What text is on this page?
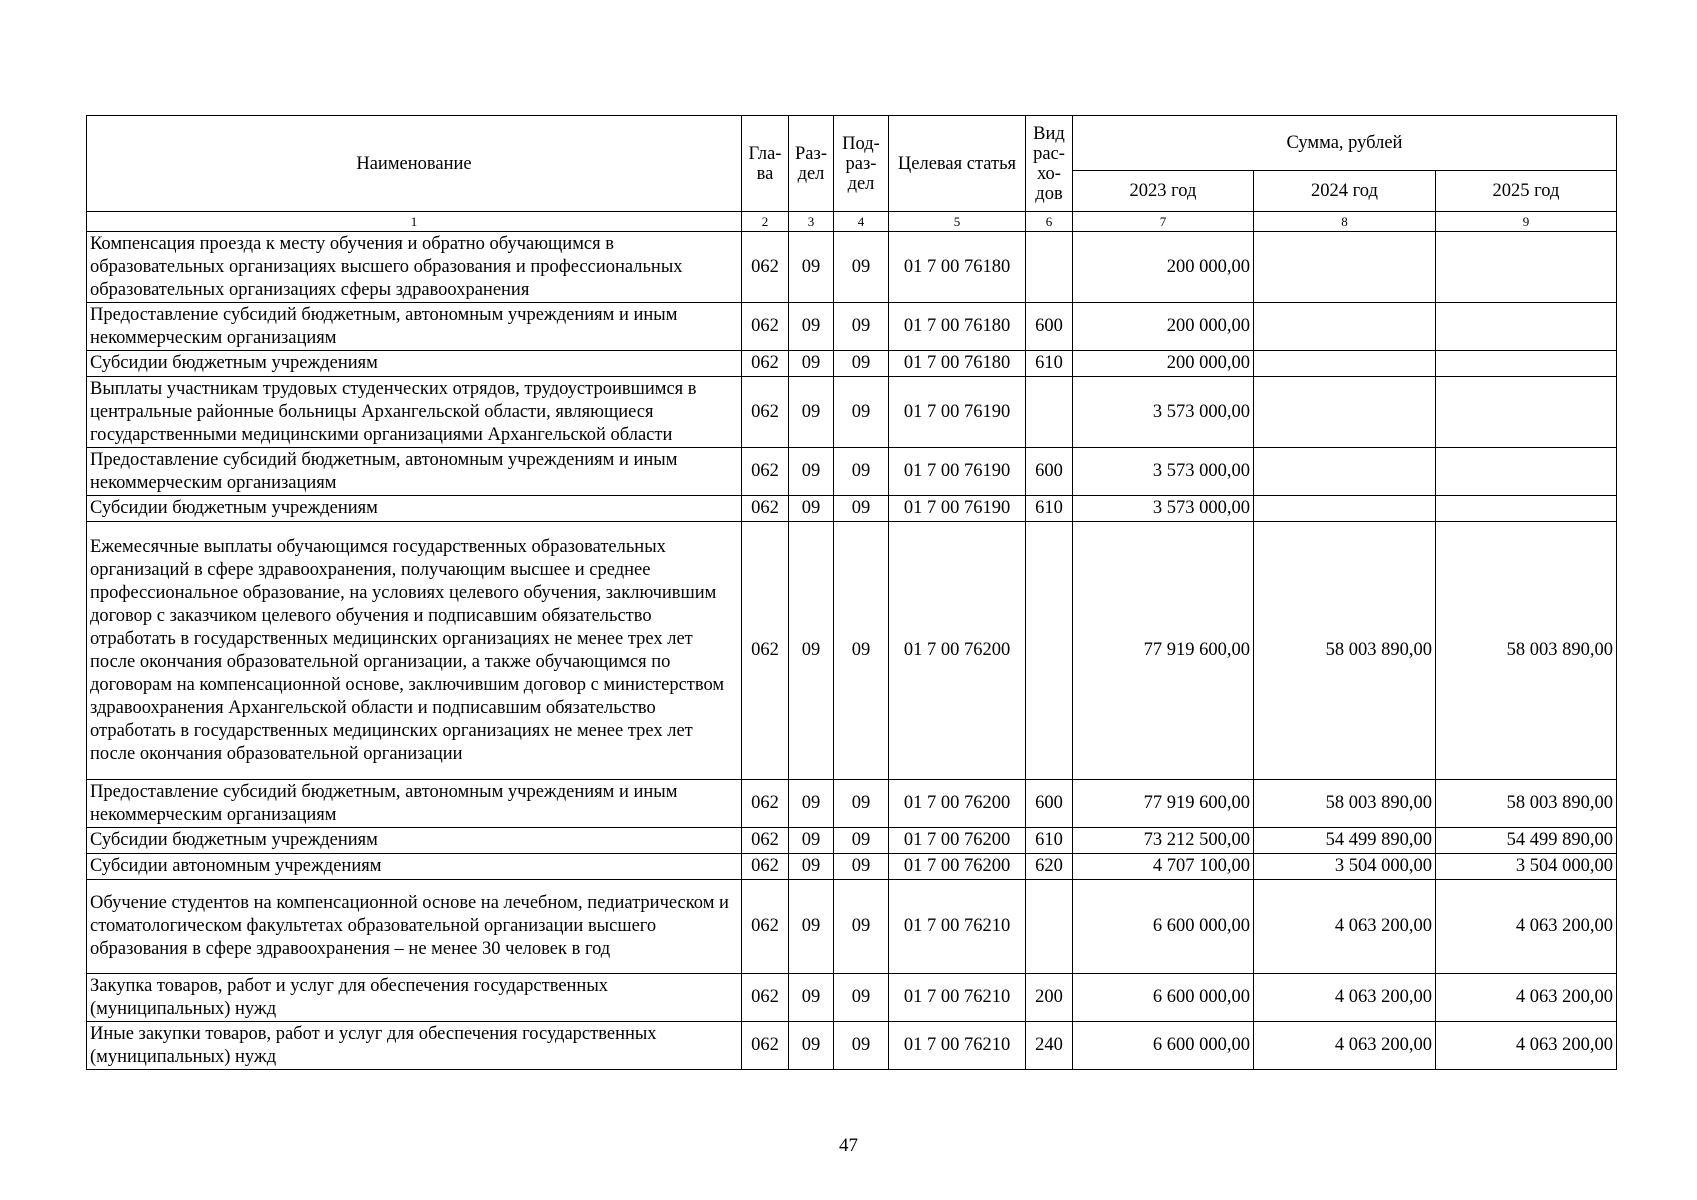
Наименование	Гла-ва	Раз-дел	Под-раз-дел	Целевая статья	Вид рас-хо-дов	Сумма, рублей		
						2023 год	2024 год	2025 год
1	2	3	4	5	6	7	8	9
Компенсация проезда к месту обучения и обратно обучающимся в образовательных организациях высшего образования и профессиональных образовательных организациях сферы здравоохранения	062	09	09	01 7 00 76180		200 000,00		
Предоставление субсидий бюджетным, автономным учреждениям и иным некоммерческим организациям	062	09	09	01 7 00 76180	600	200 000,00		
Субсидии бюджетным учреждениям	062	09	09	01 7 00 76180	610	200 000,00		
Выплаты участникам трудовых студенческих отрядов, трудоустроившимся в центральные районные больницы Архангельской области, являющиеся государственными медицинскими организациями Архангельской области	062	09	09	01 7 00 76190		3 573 000,00		
Предоставление субсидий бюджетным, автономным учреждениям и иным некоммерческим организациям	062	09	09	01 7 00 76190	600	3 573 000,00		
Субсидии бюджетным учреждениям	062	09	09	01 7 00 76190	610	3 573 000,00		
Ежемесячные выплаты обучающимся государственных образовательных организаций в сфере здравоохранения, получающим высшее и среднее профессиональное образование, на условиях целевого обучения, заключившим договор с заказчиком целевого обучения и подписавшим обязательство отработать в государственных медицинских организациях не менее трех лет после окончания образовательной организации, а также обучающимся по договорам на компенсационной основе, заключившим договор с министерством здравоохранения Архангельской области и подписавшим обязательство отработать в государственных медицинских организациях не менее трех лет после окончания образовательной организации	062	09	09	01 7 00 76200		77 919 600,00	58 003 890,00	58 003 890,00
Предоставление субсидий бюджетным, автономным учреждениям и иным некоммерческим организациям	062	09	09	01 7 00 76200	600	77 919 600,00	58 003 890,00	58 003 890,00
Субсидии бюджетным учреждениям	062	09	09	01 7 00 76200	610	73 212 500,00	54 499 890,00	54 499 890,00
Субсидии автономным учреждениям	062	09	09	01 7 00 76200	620	4 707 100,00	3 504 000,00	3 504 000,00
Обучение студентов на компенсационной основе на лечебном, педиатрическом и стоматологическом факультетах образовательной организации высшего образования в сфере здравоохранения – не менее 30 человек в год	062	09	09	01 7 00 76210		6 600 000,00	4 063 200,00	4 063 200,00
Закупка товаров, работ и услуг для обеспечения государственных (муниципальных) нужд	062	09	09	01 7 00 76210	200	6 600 000,00	4 063 200,00	4 063 200,00
Иные закупки товаров, работ и услуг для обеспечения государственных (муниципальных) нужд	062	09	09	01 7 00 76210	240	6 600 000,00	4 063 200,00	4 063 200,00
47
